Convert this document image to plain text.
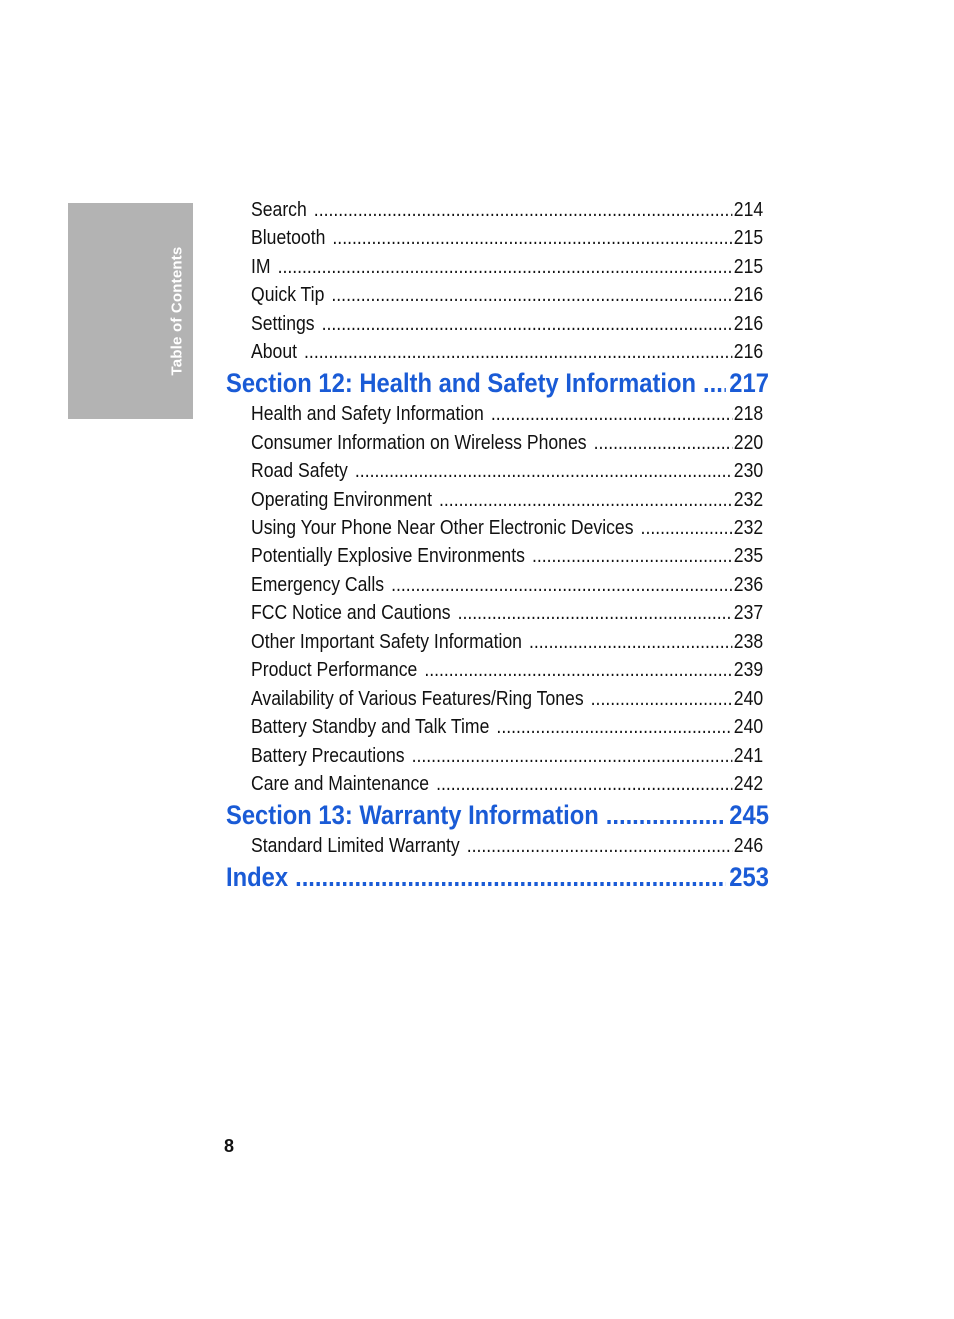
Table of Contents
Search .....	214
Bluetooth .....	215
IM .....	215
Quick Tip .....	216
Settings .....	216
About .....	216
Section 12: Health and Safety Information ..... 217
Health and Safety Information .....	218
Consumer Information on Wireless Phones .....	220
Road Safety .....	230
Operating Environment .....	232
Using Your Phone Near Other Electronic Devices .....	232
Potentially Explosive Environments .....	235
Emergency Calls .....	236
FCC Notice and Cautions .....	237
Other Important Safety Information .....	238
Product Performance .....	239
Availability of Various Features/Ring Tones .....	240
Battery Standby and Talk Time .....	240
Battery Precautions .....	241
Care and Maintenance .....	242
Section 13: Warranty Information .....	245
Standard Limited Warranty .....	246
Index .....	253
8
